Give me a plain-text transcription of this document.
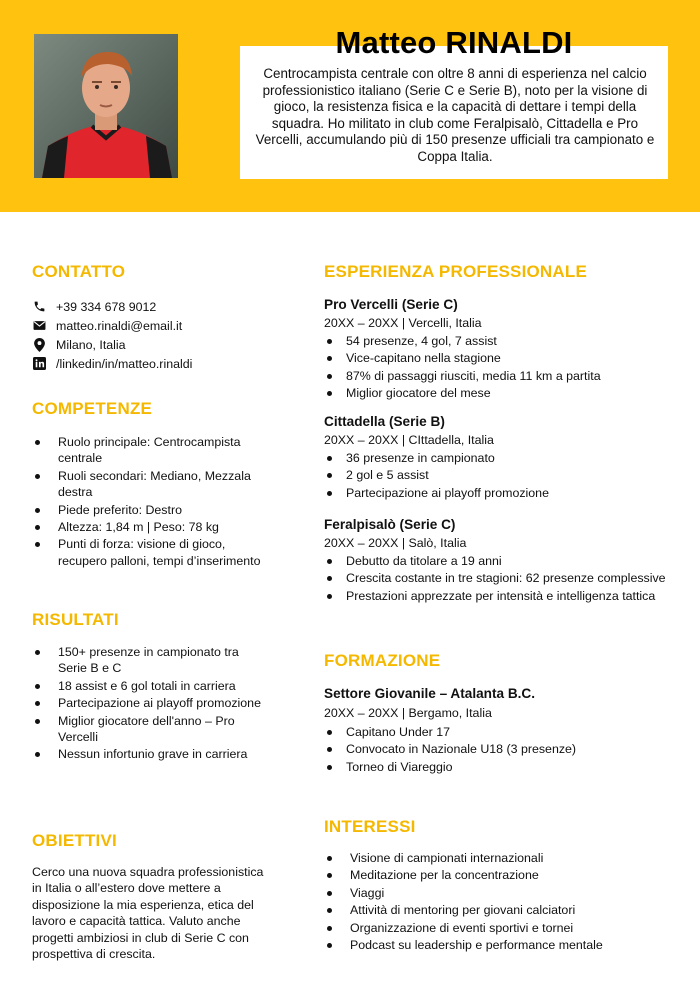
Matteo RINALDI

Centrocampista centrale con oltre 8 anni di esperienza nel calcio professionistico italiano (Serie C e Serie B), noto per la visione di gioco, la resistenza fisica e la capacità di dettare i tempi della squadra. Ho militato in club come Feralpisalò, Cittadella e Pro Vercelli, accumulando più di 150 presenze ufficiali tra campionato e Coppa Italia.

CONTATTO
+39 334 678 9012
matteo.rinaldi@email.it
Milano, Italia
/linkedin/in/matteo.rinaldi
COMPETENZE
Ruolo principale: Centrocampista centrale
Ruoli secondari: Mediano, Mezzala destra
Piede preferito: Destro
Altezza: 1,84 m | Peso: 78 kg
Punti di forza: visione di gioco, recupero palloni, tempi d’inserimento
RISULTATI
150+ presenze in campionato tra Serie B e C
18 assist e 6 gol totali in carriera
Partecipazione ai playoff promozione
Miglior giocatore dell'anno – Pro Vercelli
Nessun infortunio grave in carriera
OBIETTIVI

Cerco una nuova squadra professionistica in Italia o all’estero dove mettere a disposizione la mia esperienza, etica del lavoro e capacità tattica. Valuto anche progetti ambiziosi in club di Serie C con prospettiva di crescita.

ESPERIENZA PROFESSIONALE

Pro Vercelli (Serie C)

20XX – 20XX | Vercelli, Italia

54 presenze, 4 gol, 7 assist
Vice-capitano nella stagione
87% di passaggi riusciti, media 11 km a partita
Miglior giocatore del mese

Cittadella (Serie B)

20XX – 20XX | CIttadella, Italia

36 presenze in campionato
2 gol e 5 assist
Partecipazione ai playoff promozione

Feralpisalò (Serie C)

20XX – 20XX | Salò, Italia

Debutto da titolare a 19 anni
Crescita costante in tre stagioni: 62 presenze complessive
Prestazioni apprezzate per intensità e intelligenza tattica
FORMAZIONE

Settore Giovanile – Atalanta B.C.

20XX – 20XX | Bergamo, Italia

Capitano Under 17
Convocato in Nazionale U18 (3 presenze)
Torneo di Viareggio
INTERESSI
Visione di campionati internazionali
Meditazione per la concentrazione
Viaggi
Attività di mentoring per giovani calciatori
Organizzazione di eventi sportivi e tornei
Podcast su leadership e performance mentale
